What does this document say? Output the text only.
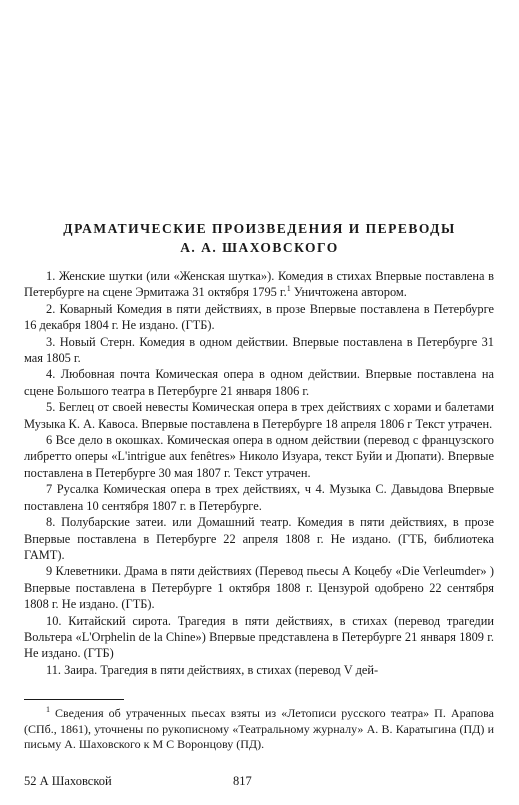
ДРАМАТИЧЕСКИЕ ПРОИЗВЕДЕНИЯ И ПЕРЕВОДЫ
А. А. ШАХОВСКОГО

1. Женские шутки (или «Женская шутка»). Комедия в стихах Впервые поставлена в Петербурге на сцене Эрмитажа 31 октября 1795 г.$^1$ Уничтожена автором.

2. Коварный Комедия в пяти действиях, в прозе Впервые поставлена в Петербурге 16 декабря 1804 г. Не издано. (ГТБ).

3. Новый Стерн. Комедия в одном действии. Впервые поставлена в Петербурге 31 мая 1805 г.

4. Любовная почта Комическая опера в одном действии. Впервые поставлена на сцене Большого театра в Петербурге 21 января 1806 г.

5. Беглец от своей невесты Комическая опера в трех действиях с хорами и балетами Музыка К. А. Кавоса. Впервые поставлена в Петербурге 18 апреля 1806 г Текст утрачен.

6 Все дело в окошках. Комическая опера в одном действии (перевод с французского либретто оперы «L'intrigue aux fenêtres» Николо Изуара, текст Буйи и Дюпати). Впервые поставлена в Петербурге 30 мая 1807 г. Текст утрачен.

7 Русалка Комическая опера в трех действиях, ч 4. Музыка С. Давыдова Впервые поставлена 10 сентября 1807 г. в Петербурге.

8. Полубарские затеи. или Домашний театр. Комедия в пяти действиях, в прозе Впервые поставлена в Петербурге 22 апреля 1808 г. Не издано. (ГТБ, библиотека ГАМТ).

9 Клеветники. Драма в пяти действиях (Перевод пьесы А Коцебу «Die Verleumder» ) Впервые поставлена в Петербурге 1 октября 1808 г. Цензурой одобрено 22 сентября 1808 г. Не издано. (ГТБ).

10. Китайский сирота. Трагедия в пяти действиях, в стихах (перевод трагедии Вольтера «L'Orphelin de la Chine») Впервые представлена в Петербурге 21 января 1809 г. Не издано. (ГТБ)

11. Заира. Трагедия в пяти действиях, в стихах (перевод V дей-

$^1$ Сведения об утраченных пьесах взяты из «Летописи русского театра» П. Арапова (СПб., 1861), уточнены по рукописному «Театральному журналу» А. В. Каратыгина (ПД) и письму А. Шаховского к М С Воронцову (ПД).

52 А Шаховской	817
